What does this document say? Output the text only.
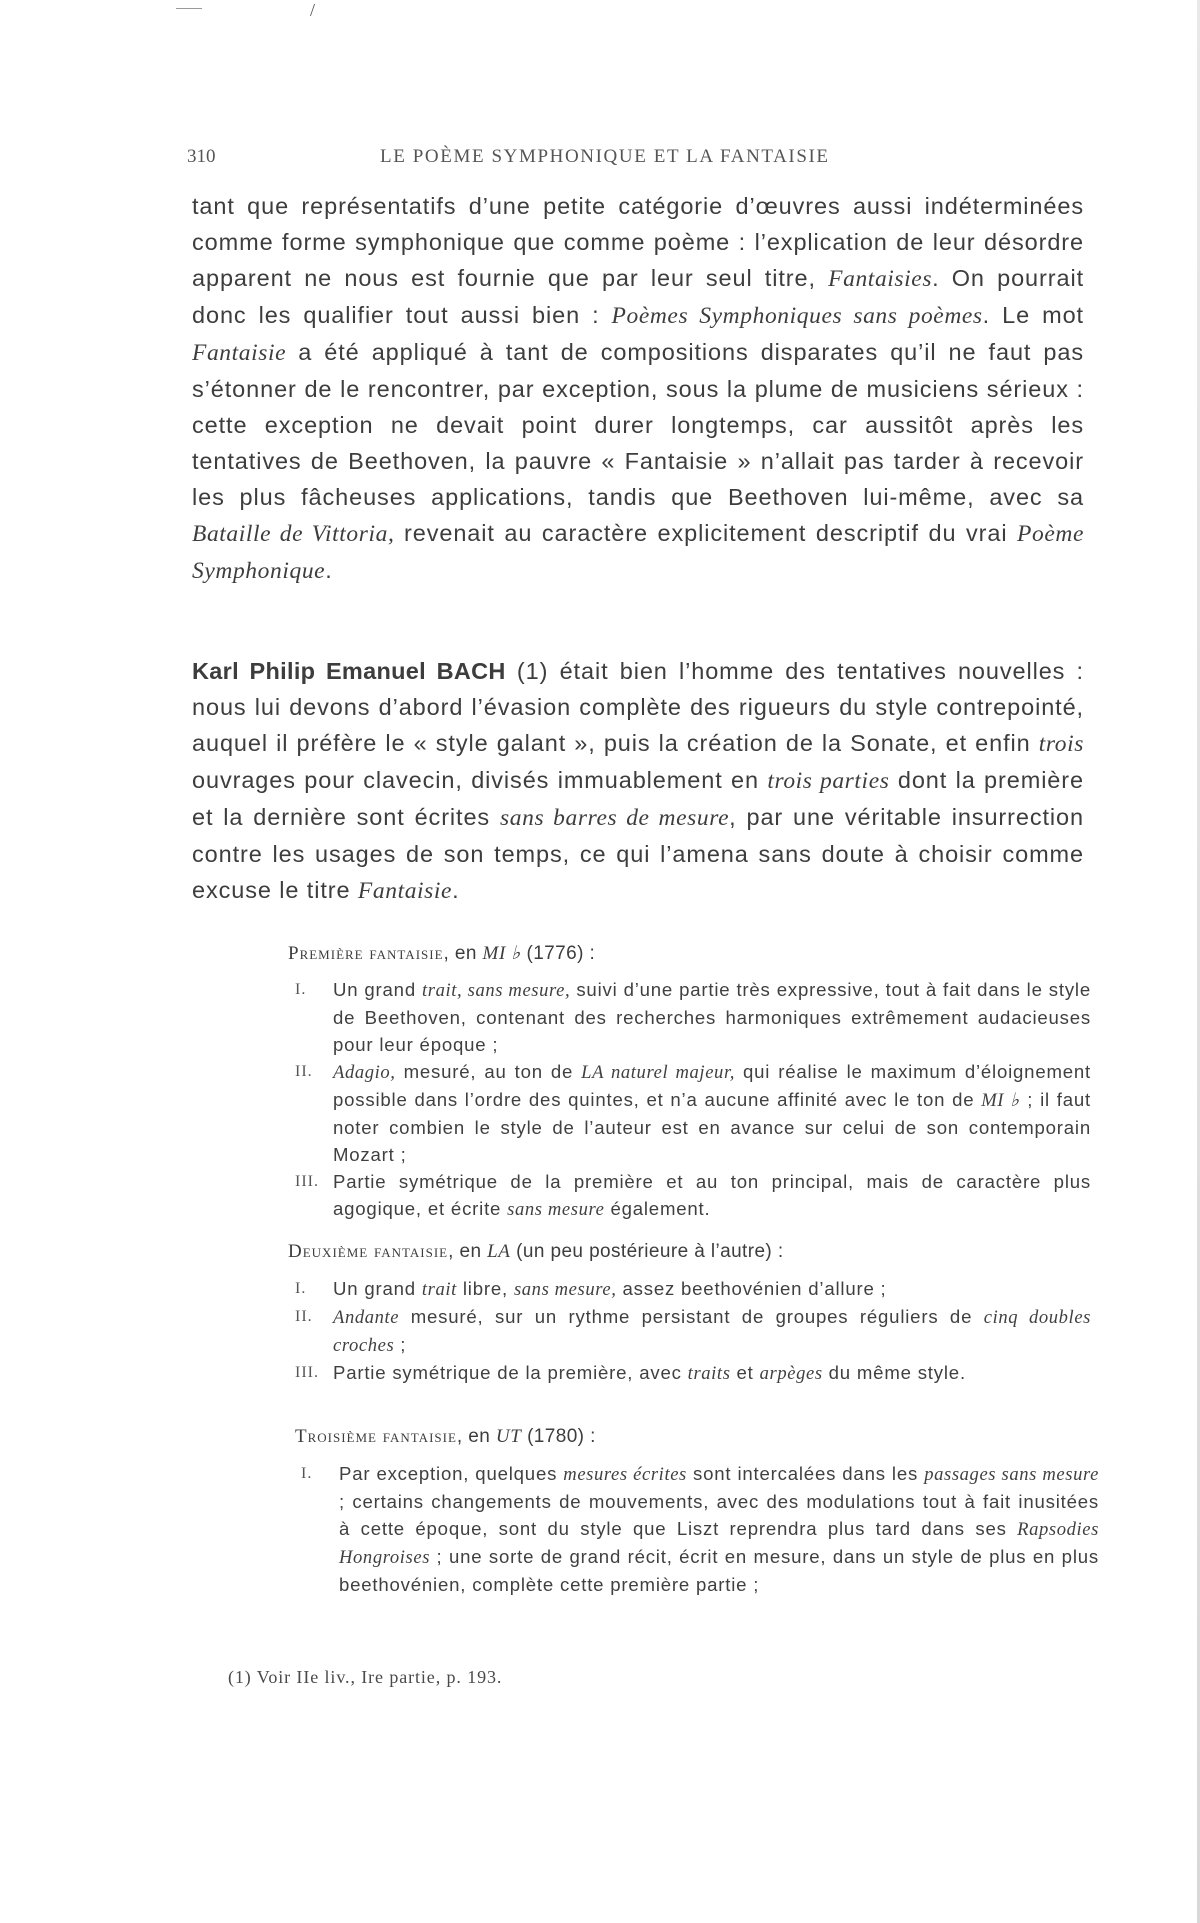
/
310	LE POÈME SYMPHONIQUE ET LA FANTAISIE

tant que représentatifs d’une petite catégorie d’œuvres aussi indéterminées comme forme symphonique que comme poème : l’explication de leur désordre apparent ne nous est fournie que par leur seul titre, Fantaisies. On pourrait donc les qualifier tout aussi bien : Poèmes Symphoniques sans poèmes. Le mot Fantaisie a été appliqué à tant de compositions disparates qu’il ne faut pas s’étonner de le rencontrer, par exception, sous la plume de musiciens sérieux : cette exception ne devait point durer longtemps, car aussitôt après les tentatives de Beethoven, la pauvre « Fantaisie » n’allait pas tarder à recevoir les plus fâcheuses applications, tandis que Beethoven lui-même, avec sa Bataille de Vittoria, revenait au caractère explicitement descriptif du vrai Poème Symphonique.

Karl Philip Emanuel BACH (1) était bien l’homme des tentatives nouvelles : nous lui devons d’abord l’évasion complète des rigueurs du style contrepointé, auquel il préfère le « style galant », puis la création de la Sonate, et enfin trois ouvrages pour clavecin, divisés immuablement en trois parties dont la première et la dernière sont écrites sans barres de mesure, par une véritable insurrection contre les usages de son temps, ce qui l’amena sans doute à choisir comme excuse le titre Fantaisie.

Première fantaisie, en MI ♭ (1776) :
I. Un grand trait, sans mesure, suivi d’une partie très expressive, tout à fait dans le style de Beethoven, contenant des recherches harmoniques extrêmement audacieuses pour leur époque ;
II. Adagio, mesuré, au ton de LA naturel majeur, qui réalise le maximum d’éloignement possible dans l’ordre des quintes, et n’a aucune affinité avec le ton de MI ♭ ; il faut noter combien le style de l’auteur est en avance sur celui de son contemporain Mozart ;
III. Partie symétrique de la première et au ton principal, mais de caractère plus agogique, et écrite sans mesure également.
Deuxième fantaisie, en LA (un peu postérieure à l’autre) :
I. Un grand trait libre, sans mesure, assez beethovénien d’allure ;
II. Andante mesuré, sur un rythme persistant de groupes réguliers de cinq doubles croches ;
III. Partie symétrique de la première, avec traits et arpèges du même style.
Troisième fantaisie, en UT (1780) :
I. Par exception, quelques mesures écrites sont intercalées dans les passages sans mesure ; certains changements de mouvements, avec des modulations tout à fait inusitées à cette époque, sont du style que Liszt reprendra plus tard dans ses Rapsodies Hongroises ; une sorte de grand récit, écrit en mesure, dans un style de plus en plus beethovénien, complète cette première partie ;
(1) Voir IIe liv., Ire partie, p. 193.
